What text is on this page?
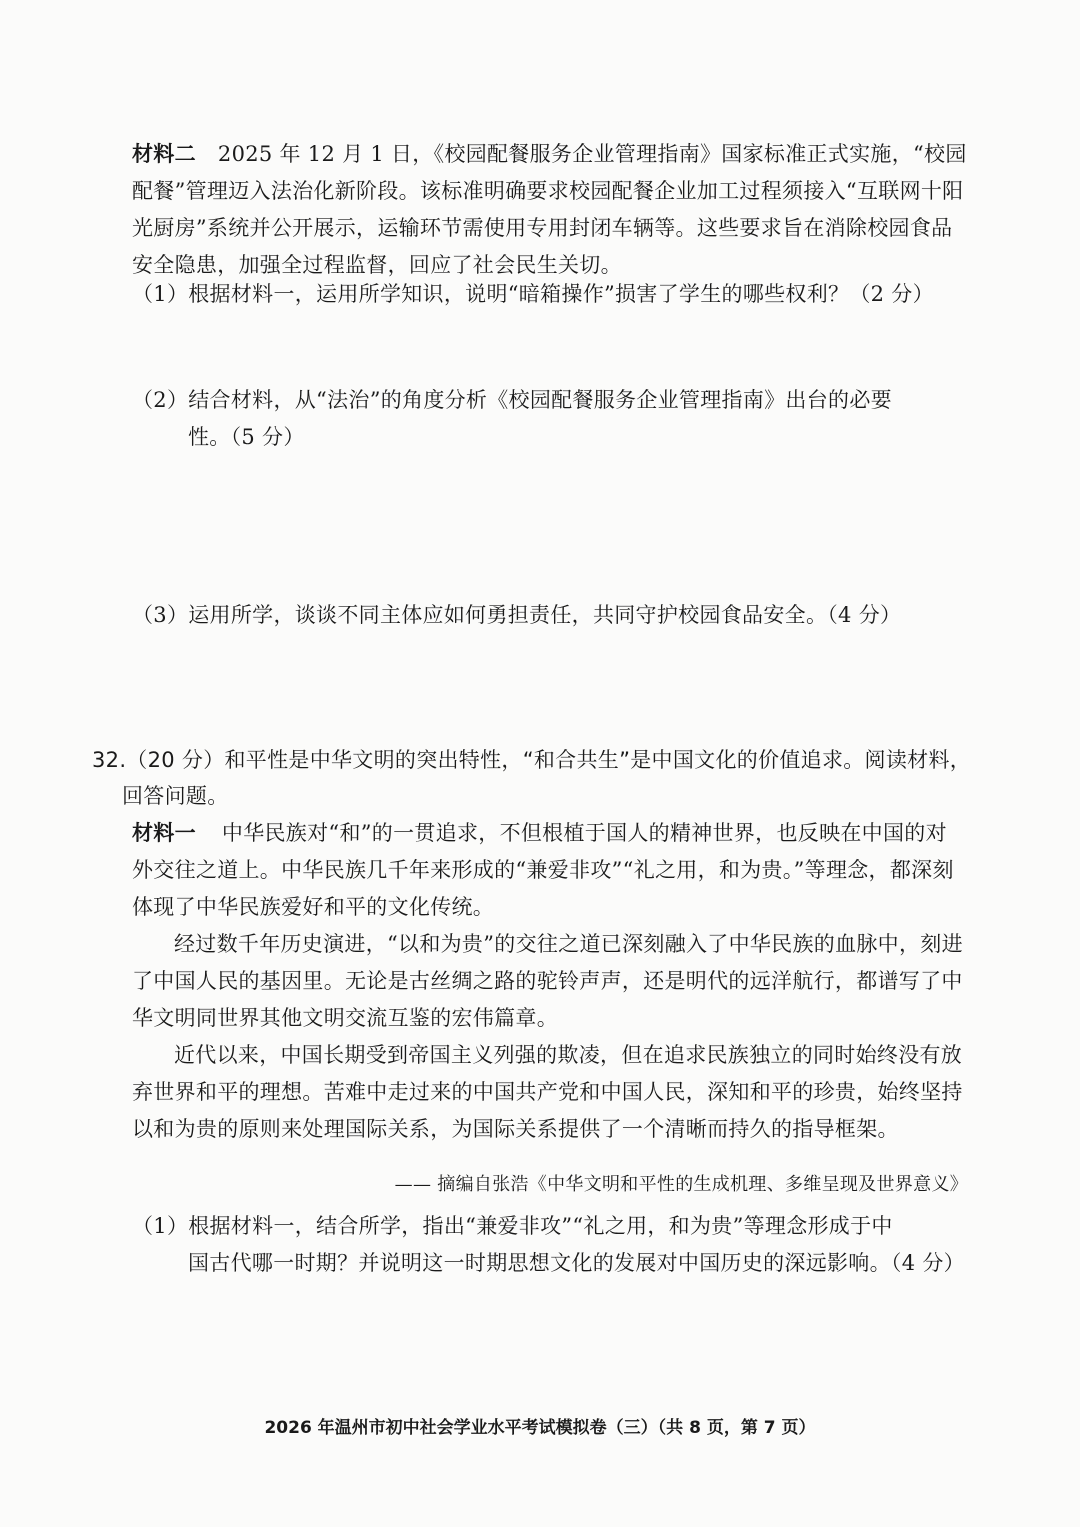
材料二 2025 年 12 月 1 日，《校园配餐服务企业管理指南》国家标准正式实施，“校园配餐”管理迈入法治化新阶段。该标准明确要求校园配餐企业加工过程须接入“互联网十阳光厨房”系统并公开展示，运输环节需使用专用封闭车辆等。这些要求旨在消除校园食品安全隐患，加强全过程监督，回应了社会民生关切。
（1）根据材料一，运用所学知识，说明“暗箱操作”损害了学生的哪些权利？（2 分）
（2）结合材料，从“法治”的角度分析《校园配餐服务企业管理指南》出台的必要
性。（5 分）
（3）运用所学，谈谈不同主体应如何勇担责任，共同守护校园食品安全。（4 分）
32.（20 分）和平性是中华文明的突出特性，“和合共生”是中国文化的价值追求。阅读材料，
回答问题。
材料一 中华民族对“和”的一贯追求，不但根植于国人的精神世界，也反映在中国的对外交往之道上。中华民族几千年来形成的“兼爱非攻”“礼之用，和为贵。”等理念，都深刻体现了中华民族爱好和平的文化传统。
经过数千年历史演进，“以和为贵”的交往之道已深刻融入了中华民族的血脉中，刻进了中国人民的基因里。无论是古丝绸之路的驼铃声声，还是明代的远洋航行，都谱写了中华文明同世界其他文明交流互鉴的宏伟篇章。
近代以来，中国长期受到帝国主义列强的欺凌，但在追求民族独立的同时始终没有放弃世界和平的理想。苦难中走过来的中国共产党和中国人民，深知和平的珍贵，始终坚持以和为贵的原则来处理国际关系，为国际关系提供了一个清晰而持久的指导框架。
—— 摘编自张浩《中华文明和平性的生成机理、多维呈现及世界意义》
（1）根据材料一，结合所学，指出“兼爱非攻”“礼之用，和为贵”等理念形成于中
国古代哪一时期？并说明这一时期思想文化的发展对中国历史的深远影响。（4 分）
2026 年温州市初中社会学业水平考试模拟卷（三）（共 8 页，第 7 页）
